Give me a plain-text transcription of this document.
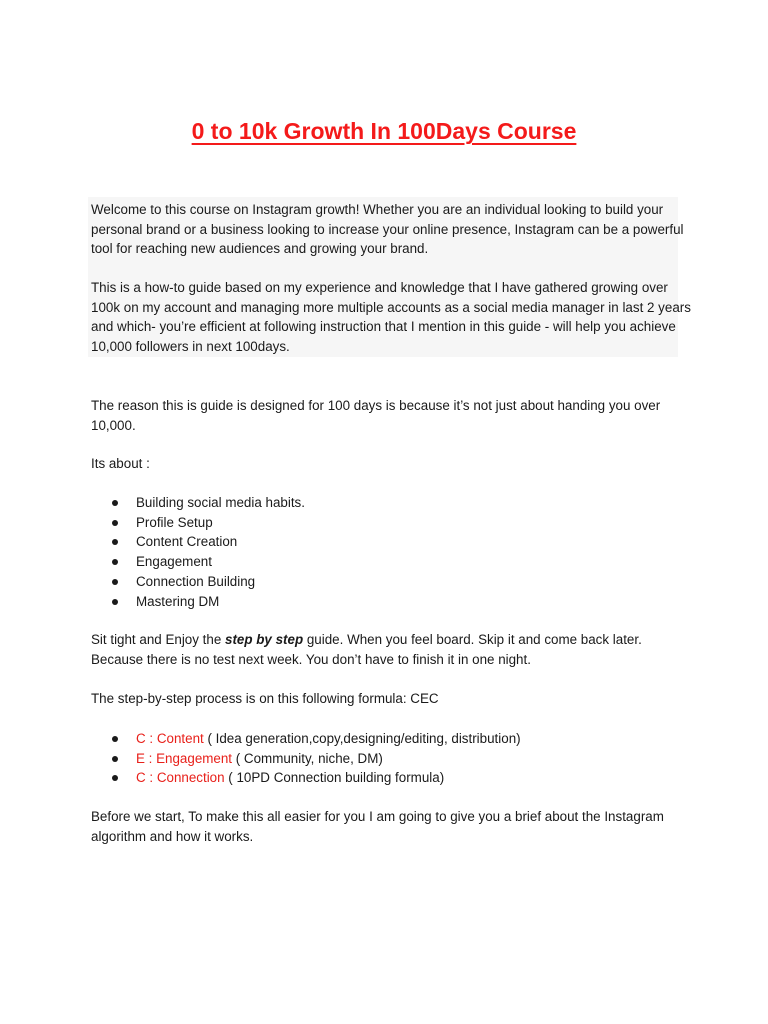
0 to 10k Growth In 100Days Course

Welcome to this course on Instagram growth! Whether you are an individual looking to build your personal brand or a business looking to increase your online presence, Instagram can be a powerful tool for reaching new audiences and growing your brand.

This is a how-to guide based on my experience and knowledge that I have gathered growing over 100k on my account and managing more multiple accounts as a social media manager in last 2 years and which- you’re efficient at following instruction that I mention in this guide - will help you achieve 10,000 followers in next 100days.

The reason this is guide is designed for 100 days is because it’s not just about handing you over 10,000.

Its about :

Building social media habits.
Profile Setup
Content Creation
Engagement
Connection Building
Mastering DM

Sit tight and Enjoy the step by step guide. When you feel board. Skip it and come back later. Because there is no test next week. You don’t have to finish it in one night.

The step-by-step process is on this following formula: CEC

C : Content ( Idea generation,copy,designing/editing, distribution)
E : Engagement ( Community, niche, DM)
C : Connection ( 10PD Connection building formula)

Before we start, To make this all easier for you I am going to give you a brief about the Instagram algorithm and how it works.
